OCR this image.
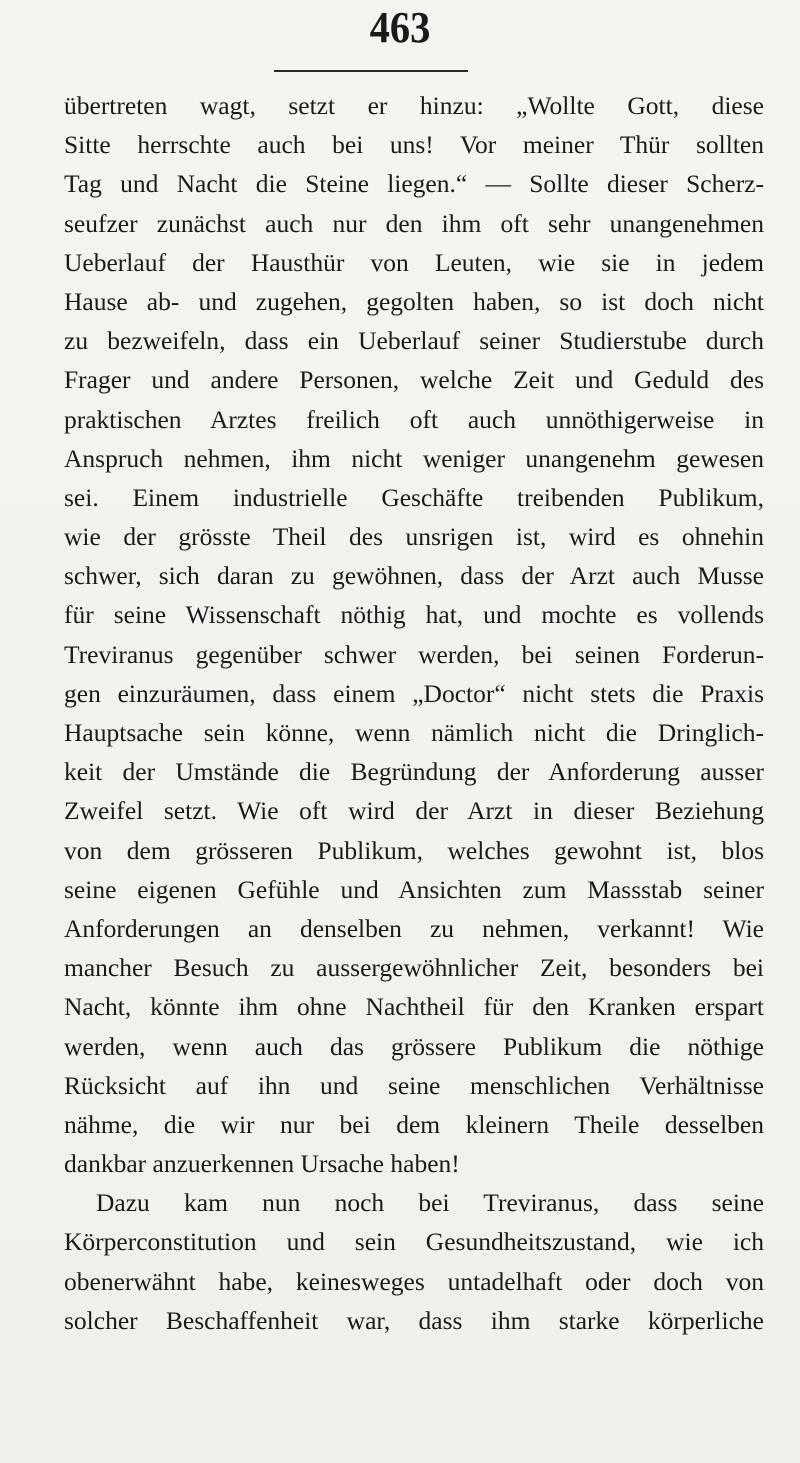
463
übertreten wagt, setzt er hinzu: „Wollte Gott, diese
Sitte herrschte auch bei uns! Vor meiner Thür sollten
Tag und Nacht die Steine liegen.“ — Sollte dieser Scherz-
seufzer zunächst auch nur den ihm oft sehr unangenehmen
Ueberlauf der Hausthür von Leuten, wie sie in jedem
Hause ab- und zugehen, gegolten haben, so ist doch nicht
zu bezweifeln, dass ein Ueberlauf seiner Studierstube durch
Frager und andere Personen, welche Zeit und Geduld des
praktischen Arztes freilich oft auch unnöthigerweise in
Anspruch nehmen, ihm nicht weniger unangenehm gewesen
sei. Einem industrielle Geschäfte treibenden Publikum,
wie der grösste Theil des unsrigen ist, wird es ohnehin
schwer, sich daran zu gewöhnen, dass der Arzt auch Musse
für seine Wissenschaft nöthig hat, und mochte es vollends
Treviranus gegenüber schwer werden, bei seinen Forderun-
gen einzuräumen, dass einem „Doctor“ nicht stets die Praxis
Hauptsache sein könne, wenn nämlich nicht die Dringlich-
keit der Umstände die Begründung der Anforderung ausser
Zweifel setzt. Wie oft wird der Arzt in dieser Beziehung
von dem grösseren Publikum, welches gewohnt ist, blos
seine eigenen Gefühle und Ansichten zum Massstab seiner
Anforderungen an denselben zu nehmen, verkannt! Wie
mancher Besuch zu aussergewöhnlicher Zeit, besonders bei
Nacht, könnte ihm ohne Nachtheil für den Kranken erspart
werden, wenn auch das grössere Publikum die nöthige
Rücksicht auf ihn und seine menschlichen Verhältnisse
nähme, die wir nur bei dem kleinern Theile desselben
dankbar anzuerkennen Ursache haben!
Dazu kam nun noch bei Treviranus, dass seine
Körperconstitution und sein Gesundheitszustand, wie ich
obenerwähnt habe, keinesweges untadelhaft oder doch von
solcher Beschaffenheit war, dass ihm starke körperliche
